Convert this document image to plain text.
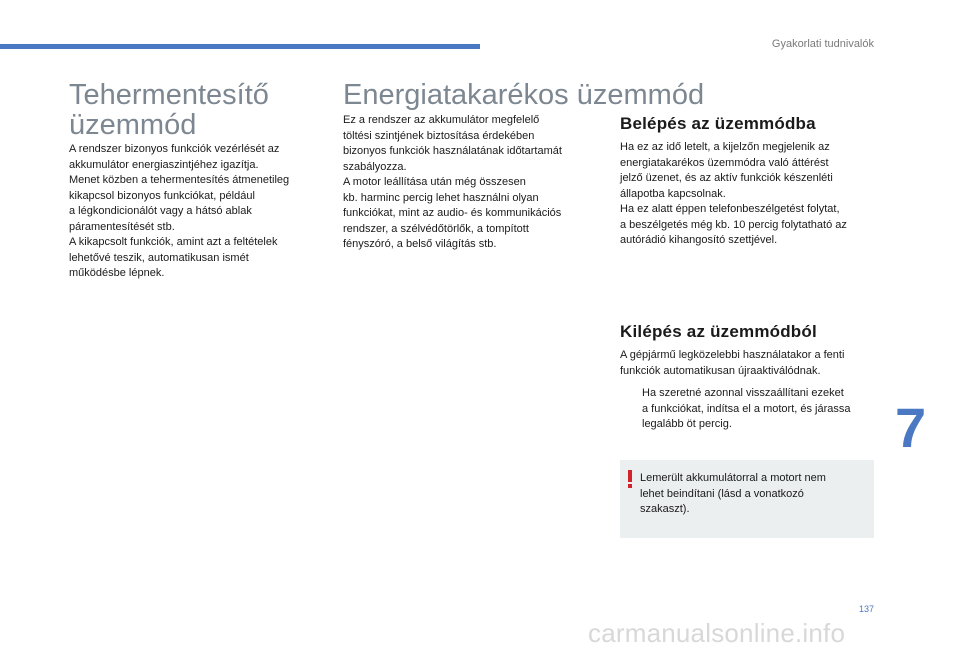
Gyakorlati tudnivalók
Tehermentesítő
üzemmód

A rendszer bizonyos funkciók vezérlését az
akkumulátor energiaszintjéhez igazítja.
Menet közben a tehermentesítés átmenetileg
kikapcsol bizonyos funkciókat, például
a légkondicionálót vagy a hátsó ablak
páramentesítését stb.
A kikapcsolt funkciók, amint azt a feltételek
lehetővé teszik, automatikusan ismét
működésbe lépnek.

Energiatakarékos üzemmód

Ez a rendszer az akkumulátor megfelelő
töltési szintjének biztosítása érdekében
bizonyos funkciók használatának időtartamát
szabályozza.
A motor leállítása után még összesen
kb. harminc percig lehet használni olyan
funkciókat, mint az audio- és kommunikációs
rendszer, a szélvédőtörlők, a tompított
fényszóró, a belső világítás stb.

Belépés az üzemmódba

Ha ez az idő letelt, a kijelzőn megjelenik az
energiatakarékos üzemmódra való áttérést
jelző üzenet, és az aktív funkciók készenléti
állapotba kapcsolnak.
Ha ez alatt éppen telefonbeszélgetést folytat,
a beszélgetés még kb. 10 percig folytatható az
autórádió kihangosító szettjével.

Kilépés az üzemmódból

A gépjármű legközelebbi használatakor a fenti
funkciók automatikusan újraaktiválódnak.

Ha szeretné azonnal visszaállítani ezeket
a funkciókat, indítsa el a motort, és járassa
legalább öt percig.

Lemerült akkumulátorral a motort nem
lehet beindítani (lásd a vonatkozó
szakaszt).

7
137
carmanualsonline.info
